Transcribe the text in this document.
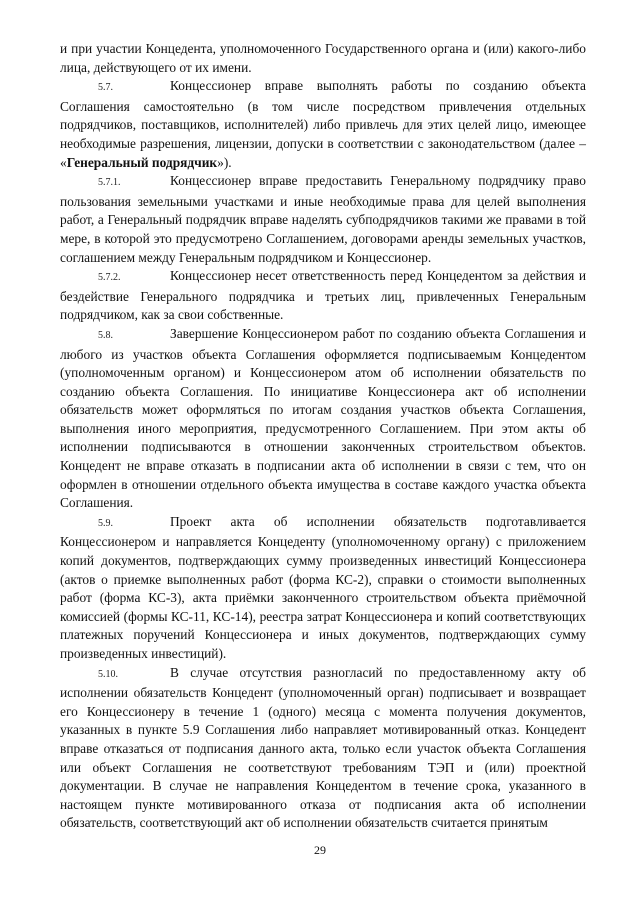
и при участии Концедента, уполномоченного Государственного органа и (или) какого-либо лица, действующего от их имени.

5.7.	Концессионер вправе выполнять работы по созданию объекта Соглашения самостоятельно (в том числе посредством привлечения отдельных подрядчиков, поставщиков, исполнителей) либо привлечь для этих целей лицо, имеющее необходимые разрешения, лицензии, допуски в соответствии с законодательством (далее – «Генеральный подрядчик»).

5.7.1.	Концессионер вправе предоставить Генеральному подрядчику право пользования земельными участками и иные необходимые права для целей выполнения работ, а Генеральный подрядчик вправе наделять субподрядчиков такими же правами в той мере, в которой это предусмотрено Соглашением, договорами аренды земельных участков, соглашением между Генеральным подрядчиком и Концессионер.

5.7.2.	Концессионер несет ответственность перед Концедентом за действия и бездействие Генерального подрядчика и третьих лиц, привлеченных Генеральным подрядчиком, как за свои собственные.

5.8.	Завершение Концессионером работ по созданию объекта Соглашения и любого из участков объекта Соглашения оформляется подписываемым Концедентом (уполномоченным органом) и Концессионером атом об исполнении обязательств по созданию объекта Соглашения. По инициативе Концессионера акт об исполнении обязательств может оформляться по итогам создания участков объекта Соглашения, выполнения иного мероприятия, предусмотренного Соглашением. При этом акты об исполнении подписываются в отношении законченных строительством объектов. Концедент не вправе отказать в подписании акта об исполнении в связи с тем, что он оформлен в отношении отдельного объекта имущества в составе каждого участка объекта Соглашения.

5.9.	Проект акта об исполнении обязательств подготавливается Концессионером и направляется Концеденту (уполномоченному органу) с приложением копий документов, подтверждающих сумму произведенных инвестиций Концессионера (актов о приемке выполненных работ (форма КС-2), справки о стоимости выполненных работ (форма КС-3), акта приёмки законченного строительством объекта приёмочной комиссией (формы КС-11, КС-14), реестра затрат Концессионера и копий соответствующих платежных поручений Концессионера и иных документов, подтверждающих сумму произведенных инвестиций).

5.10.	В случае отсутствия разногласий по предоставленному акту об исполнении обязательств Концедент (уполномоченный орган) подписывает и возвращает его Концессионеру в течение 1 (одного) месяца с момента получения документов, указанных в пункте 5.9 Соглашения либо направляет мотивированный отказ. Концедент вправе отказаться от подписания данного акта, только если участок объекта Соглашения или объект Соглашения не соответствуют требованиям ТЭП и (или) проектной документации. В случае не направления Концедентом в течение срока, указанного в настоящем пункте мотивированного отказа от подписания акта об исполнении обязательств, соответствующий акт об исполнении обязательств считается принятым

29
